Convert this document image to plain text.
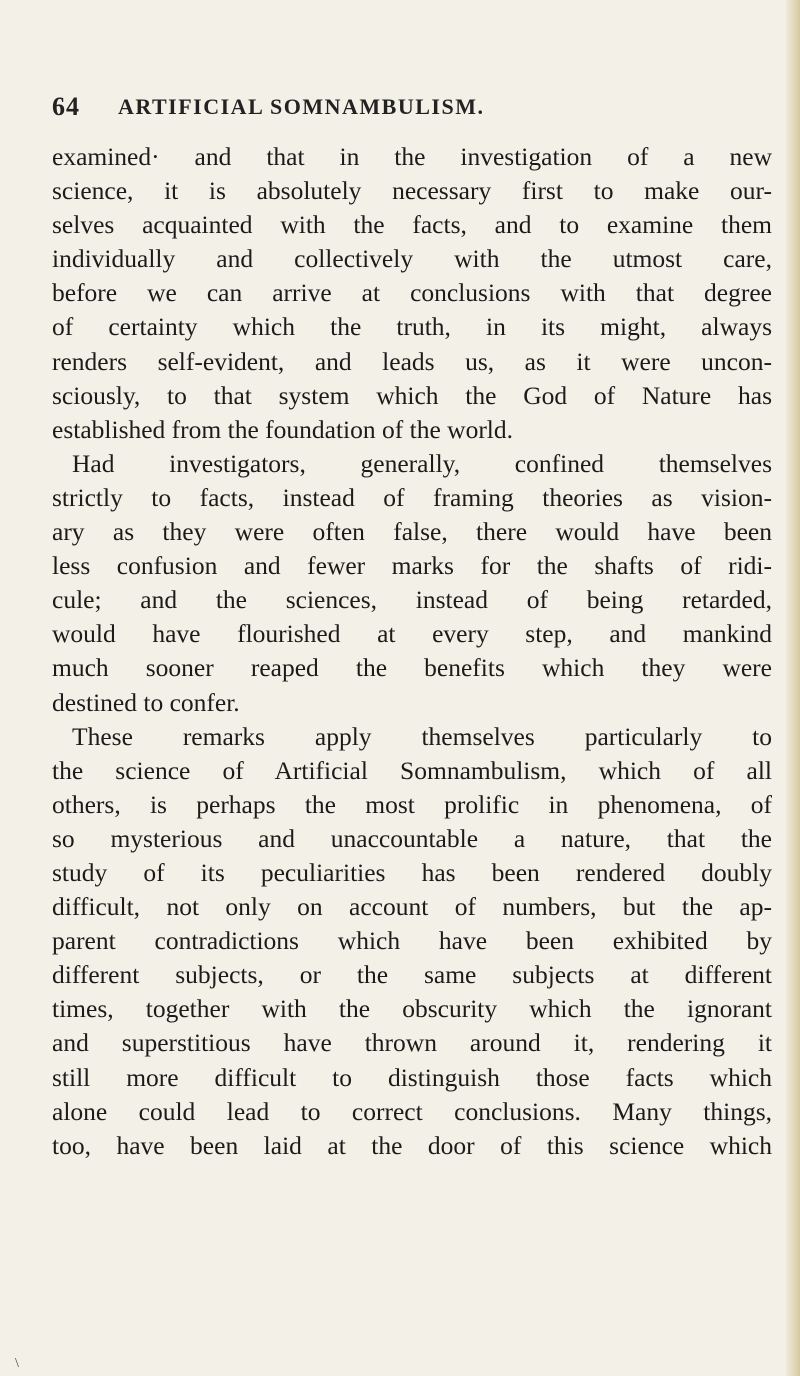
64 ARTIFICIAL SOMNAMBULISM.
examined· and that in the investigation of a new
science, it is absolutely necessary first to make our-
selves acquainted with the facts, and to examine them
individually and collectively with the utmost care,
before we can arrive at conclusions with that degree
of certainty which the truth, in its might, always
renders self-evident, and leads us, as it were uncon-
sciously, to that system which the God of Nature has
established from the foundation of the world.
Had investigators, generally, confined themselves
strictly to facts, instead of framing theories as vision-
ary as they were often false, there would have been
less confusion and fewer marks for the shafts of ridi-
cule; and the sciences, instead of being retarded,
would have flourished at every step, and mankind
much sooner reaped the benefits which they were
destined to confer.
These remarks apply themselves particularly to
the science of Artificial Somnambulism, which of all
others, is perhaps the most prolific in phenomena, of
so mysterious and unaccountable a nature, that the
study of its peculiarities has been rendered doubly
difficult, not only on account of numbers, but the ap-
parent contradictions which have been exhibited by
different subjects, or the same subjects at different
times, together with the obscurity which the ignorant
and superstitious have thrown around it, rendering it
still more difficult to distinguish those facts which
alone could lead to correct conclusions. Many things,
too, have been laid at the door of this science which
\
